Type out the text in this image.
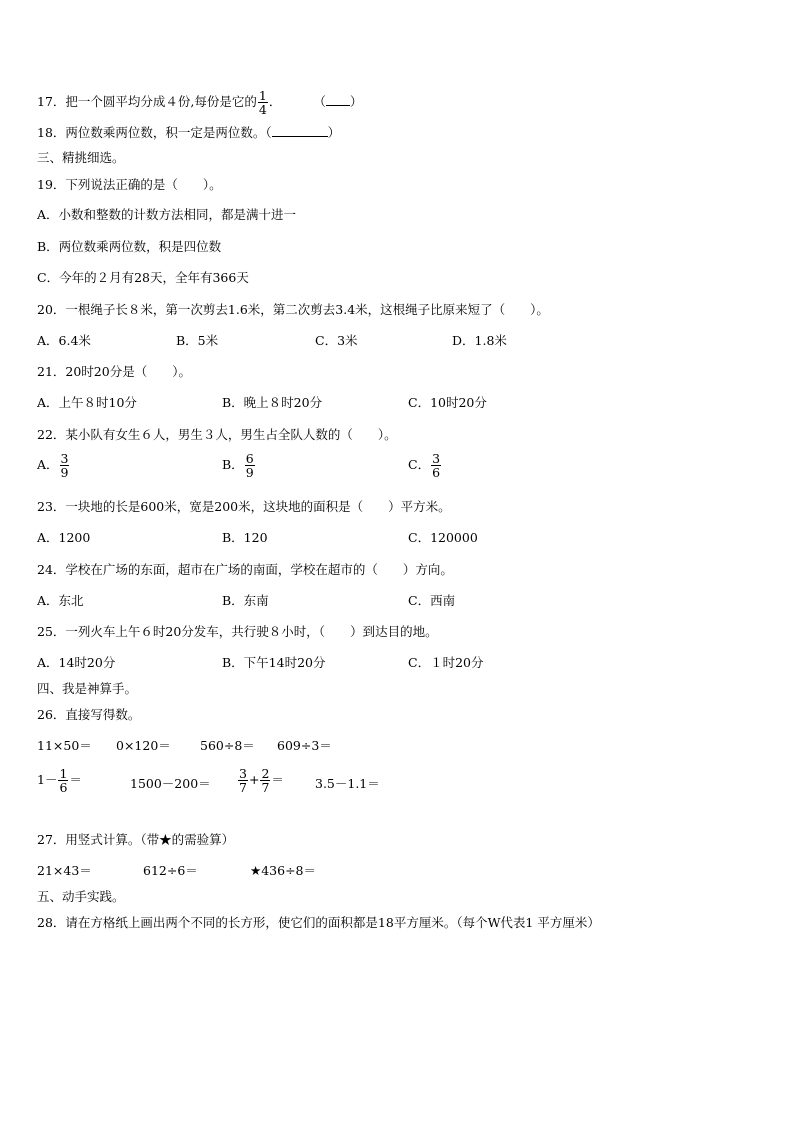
17．把一个圆平均分成４份,每份是它的 $\frac{1}{4}$ ．	（ ）
18．两位数乘两位数，积一定是两位数。（	）
三、精挑细选。
19．下列说法正确的是（　　）。
A．小数和整数的计数方法相同，都是满十进一
B．两位数乘两位数，积是四位数
C．今年的２月有28天，全年有366天
20．一根绳子长８米，第一次剪去1.6米，第二次剪去3.4米，这根绳子比原来短了（　　）。
A．6.4米	B．5米	C．3米	D．1.8米
21．20时20分是（　　）。
A．上午８时10分	B．晚上８时20分	C．10时20分
22．某小队有女生６人，男生３人，男生占全队人数的（　　）。
A． $\frac{3}{9}$	B． $\frac{6}{9}$	C． $\frac{3}{6}$
23．一块地的长是600米，宽是200米，这块地的面积是（　　）平方米。
A．1200	B．120	C．120000
24．学校在广场的东面，超市在广场的南面，学校在超市的（　　）方向。
A．东北	B．东南	C．西南
25．一列火车上午６时20分发车，共行驶８小时，（　　）到达目的地。
A．14时20分	B．下午14时20分	C．１时20分
四、我是神算手。
26．直接写得数。
11×50＝ 0×120＝ 560÷8＝ 609÷3＝
$1- \frac{1}{6}$ ＝	$1500-200= \frac{3}{7} + \frac{2}{7} = 3.5-1.1=$
27．用竖式计算。（带★的需验算）
21×43＝	612÷6＝	★436÷8＝
五、动手实践。
28．请在方格纸上画出两个不同的长方形，使它们的面积都是18平方厘米。（每个W代表1 平方厘米）
